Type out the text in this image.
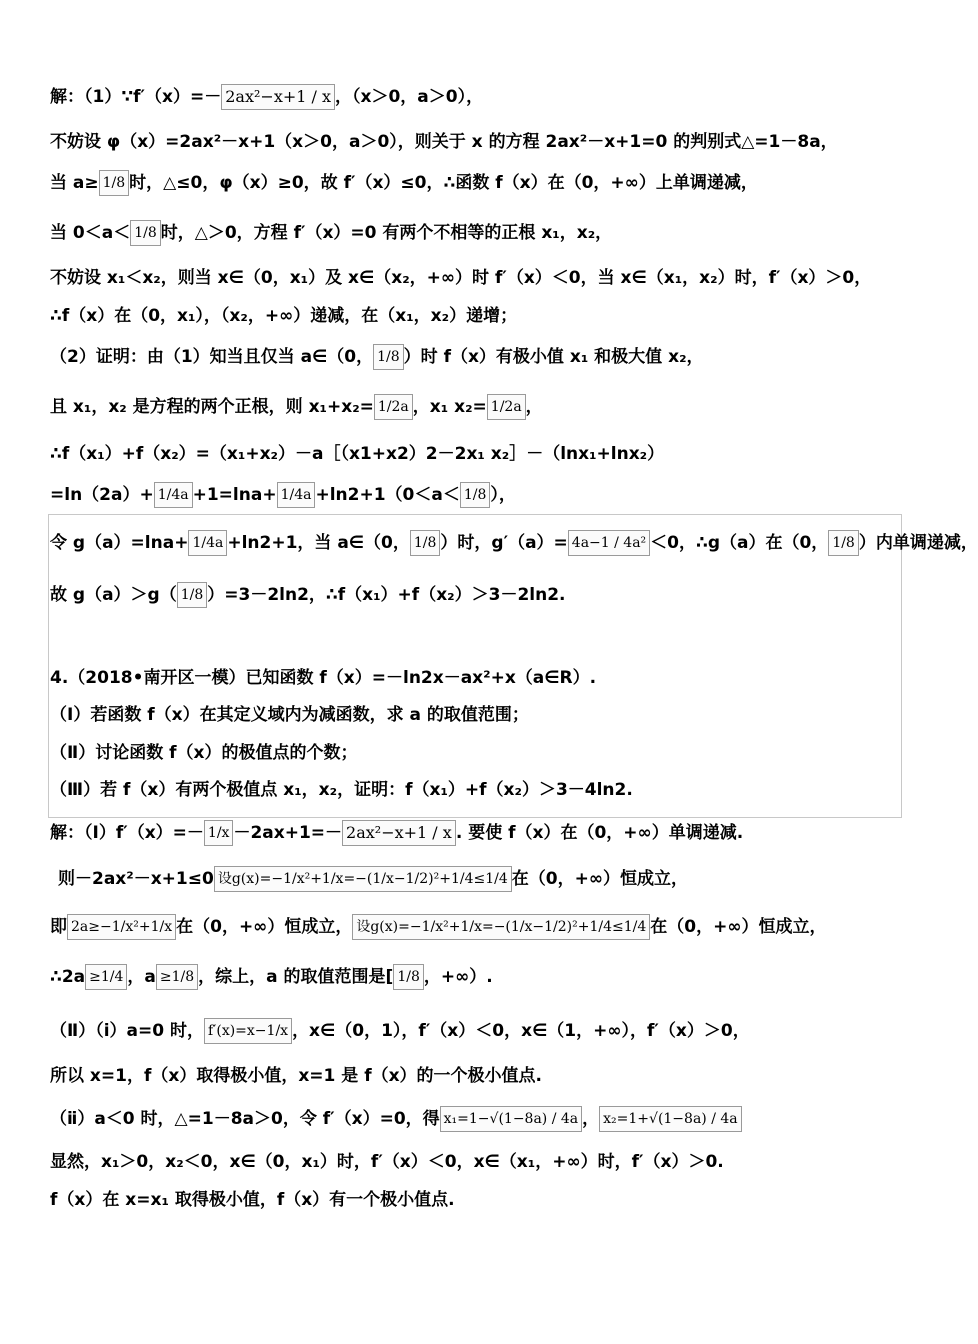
解：（1）∵f′（x）=－ 2ax²−x+1 / x ，（x＞0，a＞0），
不妨设 φ（x）=2ax²－x+1（x＞0，a＞0），则关于 x 的方程 2ax²－x+1=0 的判别式△=1－8a，
当 a≥ 1/8 时，△≤0，φ（x）≥0，故 f′（x）≤0，∴函数 f（x）在（0，+∞）上单调递减，
当 0＜a＜ 1/8 时，△＞0，方程 f′（x）=0 有两个不相等的正根 x₁，x₂，
不妨设 x₁＜x₂，则当 x∈（0，x₁）及 x∈（x₂，+∞）时 f′（x）＜0，当 x∈（x₁，x₂）时，f′（x）＞0，
∴f（x）在（0，x₁），（x₂，+∞）递减，在（x₁，x₂）递增；
（2）证明：由（1）知当且仅当 a∈（0， 1/8 ）时 f（x）有极小值 x₁ 和极大值 x₂，
且 x₁，x₂ 是方程的两个正根，则 x₁+x₂= 1/2a ，x₁ x₂= 1/2a ，
∴f（x₁）+f（x₂）=（x₁+x₂）－a［（x1+x2）2－2x₁ x₂］－（lnx₁+lnx₂）
=ln（2a）+ 1/4a +1=lna+ 1/4a +ln2+1（0＜a＜ 1/8 ），
令 g（a）=lna+ 1/4a +ln2+1，当 a∈（0， 1/8 ）时，g′（a）= 4a−1 / 4a² ＜0，∴g（a）在（0， 1/8 ）内单调递减，
故 g（a）＞g（ 1/8 ）=3－2ln2，∴f（x₁）+f（x₂）＞3－2ln2.
4.（2018•南开区一模）已知函数 f（x）=－ln2x－ax²+x（a∈R）.
（Ⅰ）若函数 f（x）在其定义域内为减函数，求 a 的取值范围；
（Ⅱ）讨论函数 f（x）的极值点的个数；
（Ⅲ）若 f（x）有两个极值点 x₁，x₂，证明：f（x₁）+f（x₂）＞3－4ln2.
解：（Ⅰ）f′（x）=－ 1/x －2ax+1=－ 2ax²−x+1 / x . 要使 f（x）在（0，+∞）单调递减.
则－2ax²－x+1≤0 设g(x)=−1/x²+1/x=−(1/x−1/2)²+1/4≤1/4 在（0，+∞）恒成立，
即 2a≥−1/x²+1/x 在（0，+∞）恒成立， 设g(x)=−1/x²+1/x=−(1/x−1/2)²+1/4≤1/4 在（0，+∞）恒成立，
∴2a ≥1/4 ，a ≥1/8 ，综上，a 的取值范围是[ 1/8 ，+∞）.
（Ⅱ）（ⅰ）a=0 时， f′(x)=x−1/x ，x∈（0，1），f′（x）＜0，x∈（1，+∞），f′（x）＞0，
所以 x=1，f（x）取得极小值，x=1 是 f（x）的一个极小值点.
（ⅱ）a＜0 时，△=1－8a＞0，令 f′（x）=0，得 x₁=1−√(1−8a) / 4a ， x₂=1+√(1−8a) / 4a
显然，x₁＞0，x₂＜0，x∈（0，x₁）时，f′（x）＜0，x∈（x₁，+∞）时，f′（x）＞0.
f（x）在 x=x₁ 取得极小值，f（x）有一个极小值点.
